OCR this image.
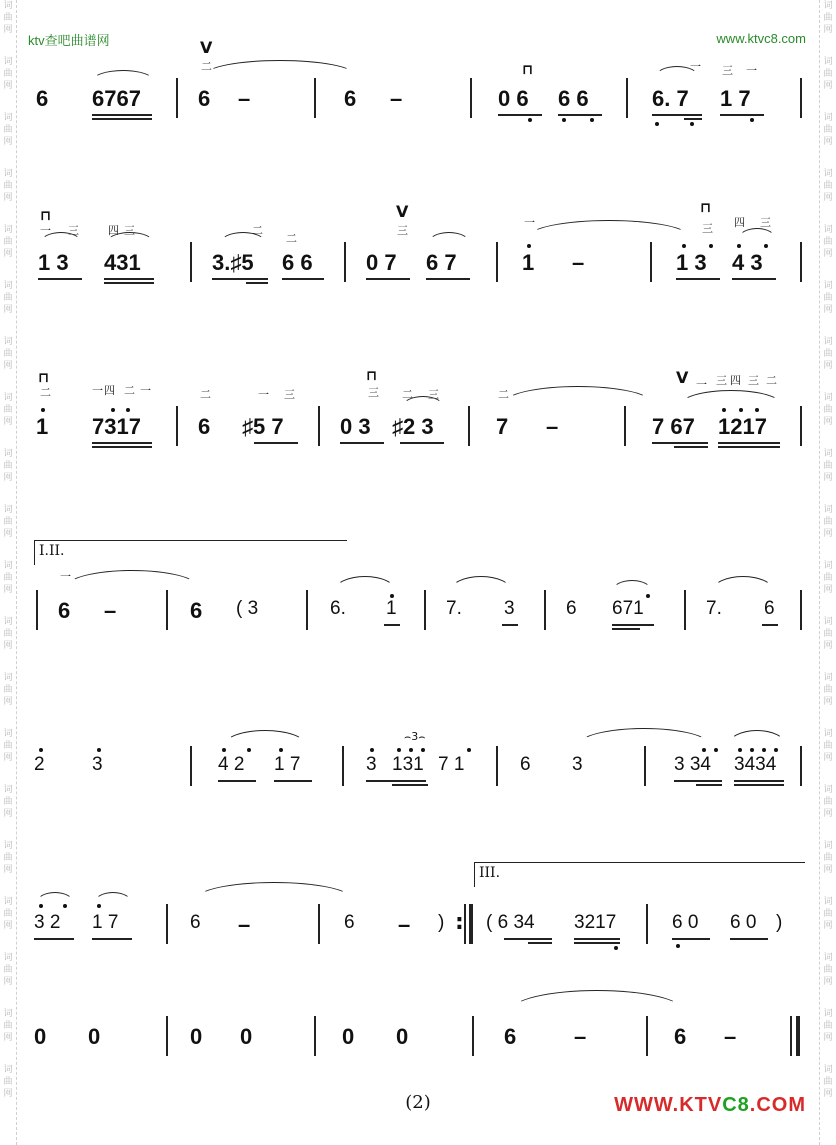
词
曲
网
词
曲
网
词
曲
网
词
曲
网
词
曲
网
词
曲
网
词
曲
网
词
曲
网
词
曲
网
词
曲
网
词
曲
网
词
曲
网
词
曲
网
词
曲
网
词
曲
网
词
曲
网
词
曲
网
词
曲
网
词
曲
网
词
曲
网
词
曲
网
词
曲
网
词
曲
网
词
曲
网
词
曲
网
词
曲
网
词
曲
网
词
曲
网
词
曲
网
词
曲
网
词
曲
网
词
曲
网
词
曲
网
词
曲
网
词
曲
网
词
曲
网
词
曲
网
词
曲
网
词
曲
网
词
曲
网
ktv查吧曲谱网	www.ktvc8.com
V
二
6 6767	6 –	6 –
⊓
0 6 6 6	6. 7
一 三 一
1 7
⊓
一 三
1 3
四 三
431
二
二
3.♯5 6 6
V
三
0 7 6 7
一
1 –
⊓
三 四 三
1 3 4 3
⊓
二
1
一 四 二 一
7317
二
6
一 三
♯5 7
⊓
三
0 3
二 三
♯2 3
二
7 –
V 一 三 四 三 二
7 67 1217
I.II.
一
6 –	6 ( 3	6. 1	7. 3	6 671	7. 6
2 3	4 2 1 7	3
⌢3⌢
131 7 1	6 3	3 34 3434
III.
3 2 1 7	6 –	6 – ) : ( 6 34 3217	6 0 6 0 )
0 0	0 0	0 0	6	–	6 –
(2)	WWW.KTVC8.COM
